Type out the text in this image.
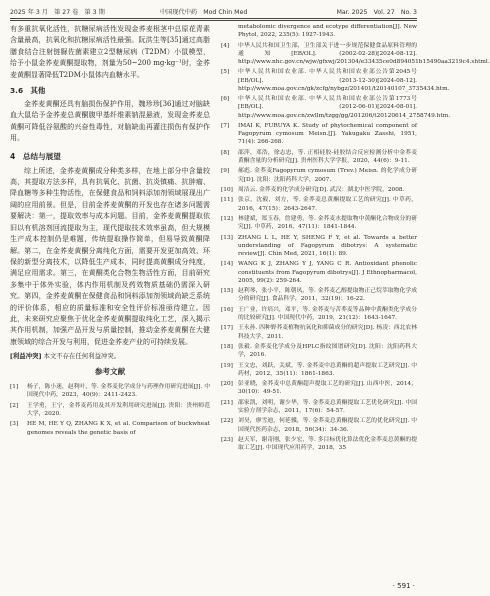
2025 年 3 月　第 27 卷　第 3 期	中国现代中药　Mod Chin Med	Mar. 2025　Vol. 27　No. 3

有多重抗氧化活性，抗糖尿病活性发现金荞麦根茎中总原花青素含量最高，抗氧化和抗糖尿病活性最强。阮洪生等[35]通过高脂膳食结合注射链脲佐菌素建立2型糖尿病（T2DM）小鼠模型，给予小鼠金荞麦黄酮提取物，剂量为50~200 mg·kg⁻¹时，金荞麦黄酮显著降低T2DM小鼠体内血糖水平。

3.6　其他

金荞麦黄酮还具有脑损伤保护作用，魏珍珍[36]通过对脑缺血大鼠给予金荞麦总黄酮腹甲基纤维素钠混悬液，发现金荞麦总黄酮可降低谷氨酸的兴奋性毒性，对脑缺血再灌注损伤有保护作用。

4　总结与展望

综上所述，金荞麦黄酮成分种类多样，在地上部分中含量较高，其提取方法多样，具有抗氧化、抗菌、抗炎镇痛、抗肿瘤、降血糖等多种生物活性，在保健食品和饲料添加剂领域展现出广阔的应用前景。但是，目前金荞麦黄酮的开发也存在诸多问题需要解决：第一，提取效率与成本问题。目前，金荞麦黄酮提取依旧以有机溶剂回流提取为主，现代提取技术效率虽高，但大规模生产成本控制仍是难题，传统提取操作简单，但易导致黄酮降解。第二，在金荞麦黄酮分离纯化方面，需要开发更加高效、环保的新型分离技术，以降低生产成本，同时提高黄酮成分纯度，满足应用需求。第三，在黄酮类化合物生物活性方面，目前研究多集中于体外实验，体内作用机制及药效物质基础仍需深入研究。第四，金荞麦黄酮在保健食品和饲料添加剂领域尚缺乏系统的评价体系，相应的质量标准和安全性评价标准亟待建立。因此，未来研究应聚焦于优化金荞麦黄酮提取纯化工艺，深入揭示其作用机制，加强产品开发与质量控制，推动金荞麦黄酮在大健康领域的综合开发与利用，促进金荞麦产业的可持续发展。

[利益冲突] 本文不存在任何利益冲突。
参考文献
[1] 杨子，陈小迷，赵利叶，等. 金荞麦化学成分与药理作用研究进展[J]. 中国现代中药，2023，40(9)：2411-2423.
[2] 王学勇，王宁，金荞麦药用及其开发利用研究进展[J]. 贵阳：贵州师范大学，2020.
[3] HE M, HE Y Q, ZHANG K X, et al. Comparison of buckwheat genomes reveals the genetic basis of
metabolomic divergence and ecotype differentiation[J]. New Phytol, 2022, 235(5): 1927-1943.
[4] 中华人民共和国卫生部，卫生部关于进一步规范保健食品原料管理的通知[EB/OL]. (2002-02-28)[2024-08-12]. http://www.nhc.gov.cn/wjw/gfxwj/201304/e33435ce0d894051b15490aa3219c4.shtml.
[5] 中华人民共和国农业部. 中华人民共和国农业部公告第2045号[EB/OL]. (2013-12-30)[2024-08-12]. http://www.moa.gov.cn/gk/zcfg/nybgz/201401/t20140107_3735434.htm.
[6] 中华人民共和国农业部. 中华人民共和国农业部公告第1773号[EB/OL]. (2012-06-01)[2024-08-01]. http://www.moa.gov.cn/zwllm/tzgg/gg/201206/t20120614_2758749.htm.
[7] IMAI K, FURUYA K. Study of phytochemical component of Fagopyrum cymosum Meisn.[J]. Yakugaku Zasshi, 1951, 71(4): 266-268.
[8] 邵萍，邓浩，徐志忠，等. 正相硅胶-硅胶结合反应检测分析中金荞麦黄酮含量的分析研究[J]. 贵州医科大学学报，2020，44(6)：9-11.
[9] 郝彪. 金荞麦Fagopyrum cymosum (Trev.) Meisn. 的化学成分研究[D]. 沈阳：沈阳药科大学，2007.
[10] 周洁云. 金荞麦的化学成分研究[D]. 武汉：湖北中医学院，2008.
[11] 张京，沈毅，刘方，等. 金荞麦总黄酮提取工艺的研究[J]. 中草药，2016，47(15)：2643-2647.
[12] 林建斌，郑玉春，詹建勇，等. 金荞麦水提取物中黄酮化合物成分的研究[J]. 中草药，2016，47(11)：1841-1844.
[13] ZHANG L L, HE Y, SHENG F Y, et al. Towards a better understanding of Fagopyrum dibotrys: A systematic review[J]. Chin Med, 2021, 16(1): 89.
[14] WANG K J, ZHANG Y J, YANG C R. Antioxidant phenolic constituents from Fagopyrum dibotrys[J]. J Ethnopharmacol, 2005, 99(2): 259-264.
[15] 赵利琴，张小平，陈朝凤，等. 金荞麦乙醇提取物正己烷萃取物化学成分的研究[J]. 食品科学，2011，32(19)：16-22.
[16] 王广业，许培兴，邓平，等. 金荞麦与苦荞麦等品种中黄酮类化学成分的比较研究[J]. 中国现代中药，2019，21(12)：1643-1647.
[17] 王永孙. 四种野荞麦植物抗氧化和抑菌成分的研究[D]. 杨凌：西北农林科技大学，2011.
[18] 张毅. 金荞麦化学成分及HPLC指纹图谱研究[D]. 沈阳：沈阳药科大学，2016.
[19] 王文忠，刘跃，关斌，等. 金荞麦中总黄酮的超声提取工艺研究[J]. 中药材，2012，35(11)：1861-1863.
[20] 彭亚晓，金荞麦中总黄酮超声提取工艺的研究[J]. 山西中医，2014，30(10)：49-51.
[21] 邵家凯，刘明，谢少华，等. 金荞麦总黄酮提取工艺优化研究[J]. 中国实验方剂学杂志，2011，17(6)：54-57.
[22] 刘昊，廖雪迪，何延骥，等. 金荞麦总黄酮提取工艺的优化研究[J]. 中国现代医药杂志，2018，56(34)：34-36.
[23] 赵天军，谢奇刚，张少宏，等. 多目标优化算法优化金荞麦总黄酮的提取工艺[J]. 中国现代应用药学，2018，35
· 591 ·
